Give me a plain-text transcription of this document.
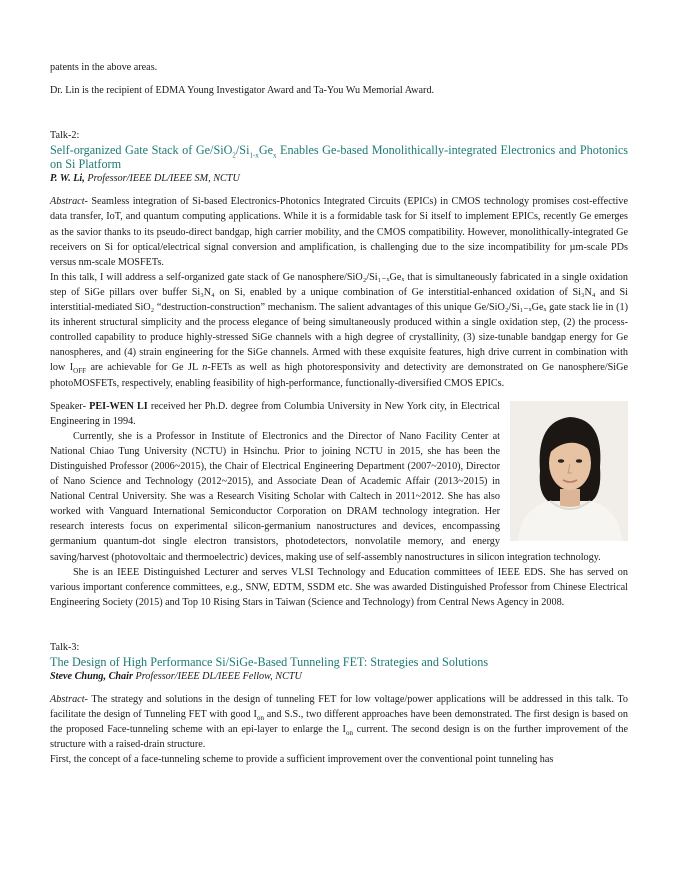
patents in the above areas.

Dr. Lin is the recipient of EDMA Young Investigator Award and Ta-You Wu Memorial Award.

Talk-2:

Self-organized Gate Stack of $Ge/SiO_2/Si_{1-x}Ge_x$ Enables Ge-based Monolithically-integrated Electronics and Photonics on Si Platform

P. W. Li, Professor/IEEE DL/IEEE SM, NCTU

Abstract- Seamless integration of Si-based Electronics-Photonics Integrated Circuits (EPICs) in CMOS technology promises cost-effective data transfer, IoT, and quantum computing applications. While it is a formidable task for Si itself to implement EPICs, recently Ge emerges as the savior thanks to its pseudo-direct bandgap, high carrier mobility, and the CMOS compatibility. However, monolithically-integrated Ge receivers on Si for optical/electrical signal conversion and amplification, is challenging due to the size incompatibility for µm-scale PDs versus nm-scale MOSFETs.

In this talk, I will address a self-organized gate stack of Ge nanosphere/SiO₂/Si₁₋ₓGeₓ that is simultaneously fabricated in a single oxidation step of SiGe pillars over buffer Si₃N₄ on Si, enabled by a unique combination of Ge interstitial-enhanced oxidation of Si₃N₄ and Si interstitial-mediated SiO₂ “destruction-construction” mechanism. The salient advantages of this unique Ge/SiO₂/Si₁₋ₓGeₓ gate stack lie in (1) its inherent structural simplicity and the process elegance of being simultaneously produced within a single oxidation step, (2) the process-controlled capability to produce highly-stressed SiGe channels with a high degree of crystallinity, (3) size-tunable bandgap energy for Ge nanospheres, and (4) strain engineering for the SiGe channels. Armed with these exquisite features, high drive current in combination with low $I_{OFF}$ are achievable for Ge JL n-FETs as well as high photoresponsivity and detectivity are demonstrated on Ge nanosphere/SiGe photoMOSFETs, respectively, enabling feasibility of high-performance, functionally-diversified CMOS EPICs.

Speaker- PEI-WEN LI received her Ph.D. degree from Columbia University in New York city, in Electrical Engineering in 1994.

Currently, she is a Professor in Institute of Electronics and the Director of Nano Facility Center at National Chiao Tung University (NCTU) in Hsinchu. Prior to joining NCTU in 2015, she has been the Distinguished Professor (2006~2015), the Chair of Electrical Engineering Department (2007~2010), Director of Nano Science and Technology (2012~2015), and Associate Dean of Academic Affair (2013~2015) in National Central University. She was a Research Visiting Scholar with Caltech in 2011~2012. She has also worked with Vanguard International Semiconductor Corporation on DRAM technology integration. Her research interests focus on experimental silicon-germanium nanostructures and devices, encompassing germanium quantum-dot single electron transistors, photodetectors, nonvolatile memory, and energy saving/harvest (photovoltaic and thermoelectric) devices, making use of self-assembly nanostructures in silicon integration technology.

She is an IEEE Distinguished Lecturer and serves VLSI Technology and Education committees of IEEE EDS. She has served on various important conference committees, e.g., SNW, EDTM, SSDM etc. She was awarded Distinguished Professor from Chinese Electrical Engineering Society (2015) and Top 10 Rising Stars in Taiwan (Science and Technology) from Central News Agency in 2008.

Talk-3:

The Design of High Performance Si/SiGe-Based Tunneling FET: Strategies and Solutions

Steve Chung, Chair Professor/IEEE DL/IEEE Fellow, NCTU

Abstract- The strategy and solutions in the design of tunneling FET for low voltage/power applications will be addressed in this talk. To facilitate the design of Tunneling FET with good $I_{on}$ and S.S., two different approaches have been demonstrated. The first design is based on the proposed Face-tunneling scheme with an epi-layer to enlarge the $I_{on}$ current. The second design is on the further improvement of the structure with a raised-drain structure.

First, the concept of a face-tunneling scheme to provide a sufficient improvement over the conventional point tunneling has
